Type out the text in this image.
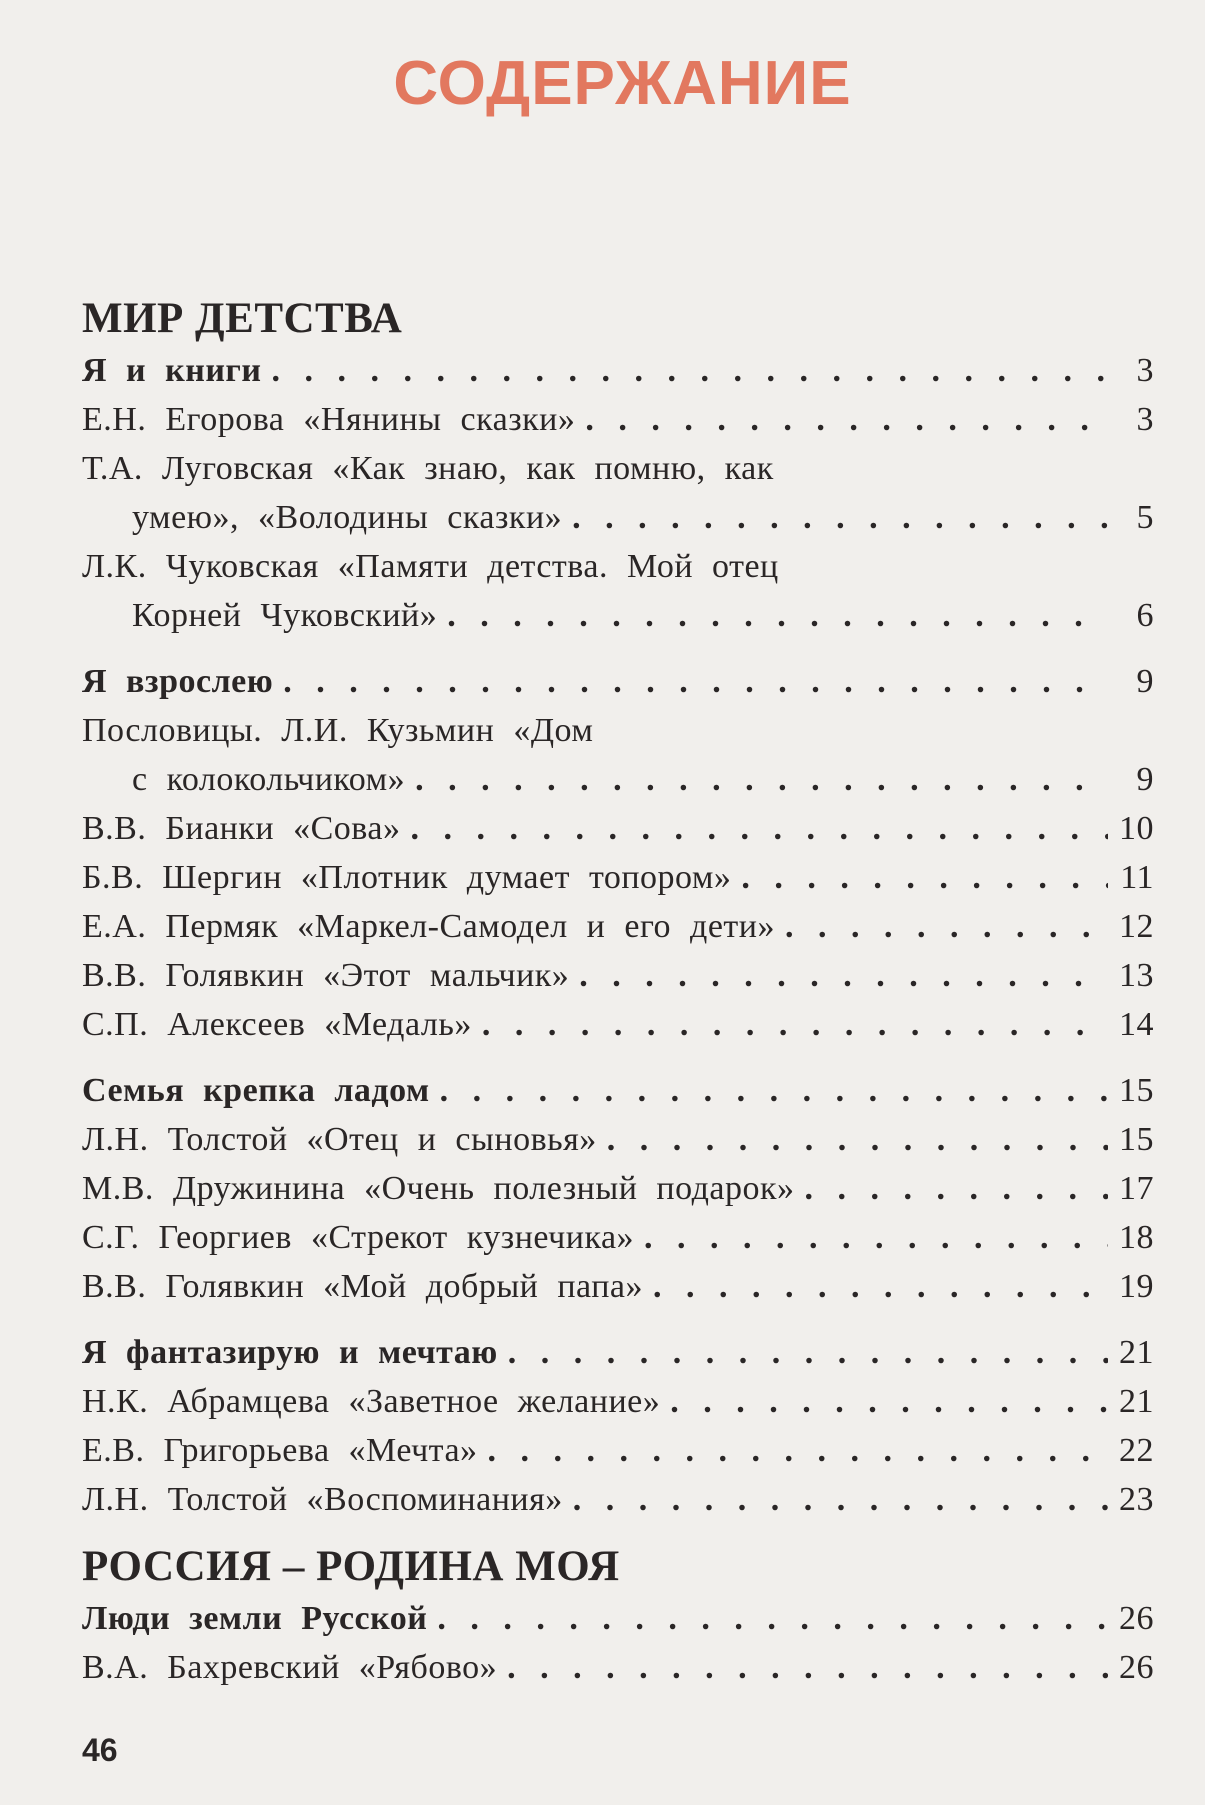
СОДЕРЖАНИЕ
МИР ДЕТСТВА
Я и книги . . .	3
Е.Н. Егорова «Нянины сказки» . . .	3
Т.А. Луговская «Как знаю, как помню, как
умею», «Володины сказки» . . .	5
Л.К. Чуковская «Памяти детства. Мой отец
Корней Чуковский» . . .	6
Я взрослею . . .	9
Пословицы. Л.И. Кузьмин «Дом
с колокольчиком» . . .	9
В.В. Бианки «Сова» . . .	10
Б.В. Шергин «Плотник думает топором» . . .	11
Е.А. Пермяк «Маркел-Самодел и его дети» . . .	12
В.В. Голявкин «Этот мальчик» . . .	13
С.П. Алексеев «Медаль» . . .	14
Семья крепка ладом . . .	15
Л.Н. Толстой «Отец и сыновья» . . .	15
М.В. Дружинина «Очень полезный подарок» . . .	17
С.Г. Георгиев «Стрекот кузнечика» . . .	18
В.В. Голявкин «Мой добрый папа» . . .	19
Я фантазирую и мечтаю . . .	21
Н.К. Абрамцева «Заветное желание» . . .	21
Е.В. Григорьева «Мечта» . . .	22
Л.Н. Толстой «Воспоминания» . . .	23
РОССИЯ – РОДИНА МОЯ
Люди земли Русской . . .	26
В.А. Бахревский «Рябово» . . .	26
46
